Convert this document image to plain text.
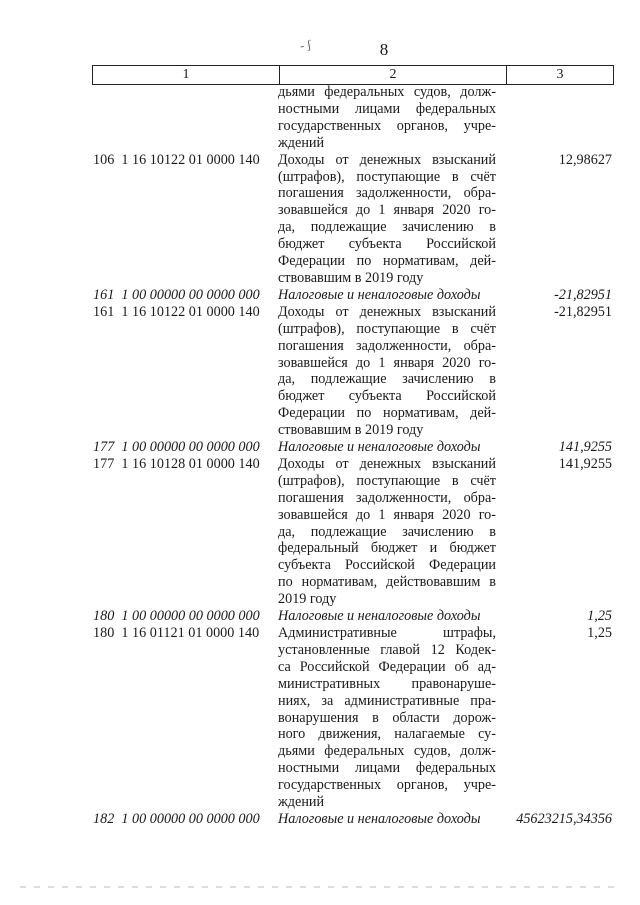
- ʃ	8
1	2	3
дьями федеральных судов, долж-
ностными лицами федеральных
государственных органов, учре-
ждений
106  1 16 10122 01 0000 140	Доходы от денежных взысканий
(штрафов), поступающие в счёт
погашения задолженности, обра-
зовавшейся до 1 января 2020 го-
да, подлежащие зачислению в
бюджет субъекта Российской
Федерации по нормативам, дей-
ствовавшим в 2019 году
12,98627
161  1 00 00000 00 0000 000	Налоговые и неналоговые доходы	-21,82951
161  1 16 10122 01 0000 140	Доходы от денежных взысканий
(штрафов), поступающие в счёт
погашения задолженности, обра-
зовавшейся до 1 января 2020 го-
да, подлежащие зачислению в
бюджет субъекта Российской
Федерации по нормативам, дей-
ствовавшим в 2019 году
-21,82951
177  1 00 00000 00 0000 000	Налоговые и неналоговые доходы	141,9255
177  1 16 10128 01 0000 140	Доходы от денежных взысканий
(штрафов), поступающие в счёт
погашения задолженности, обра-
зовавшейся до 1 января 2020 го-
да, подлежащие зачислению в
федеральный бюджет и бюджет
субъекта Российской Федерации
по нормативам, действовавшим в
2019 году
141,9255
180  1 00 00000 00 0000 000	Налоговые и неналоговые доходы	1,25
180  1 16 01121 01 0000 140	Административные штрафы,
установленные главой 12 Кодек-
са Российской Федерации об ад-
министративных правонаруше-
ниях, за административные пра-
вонарушения в области дорож-
ного движения, налагаемые су-
дьями федеральных судов, долж-
ностными лицами федеральных
государственных органов, учре-
ждений
1,25
182  1 00 00000 00 0000 000	Налоговые и неналоговые доходы	45623215,34356
